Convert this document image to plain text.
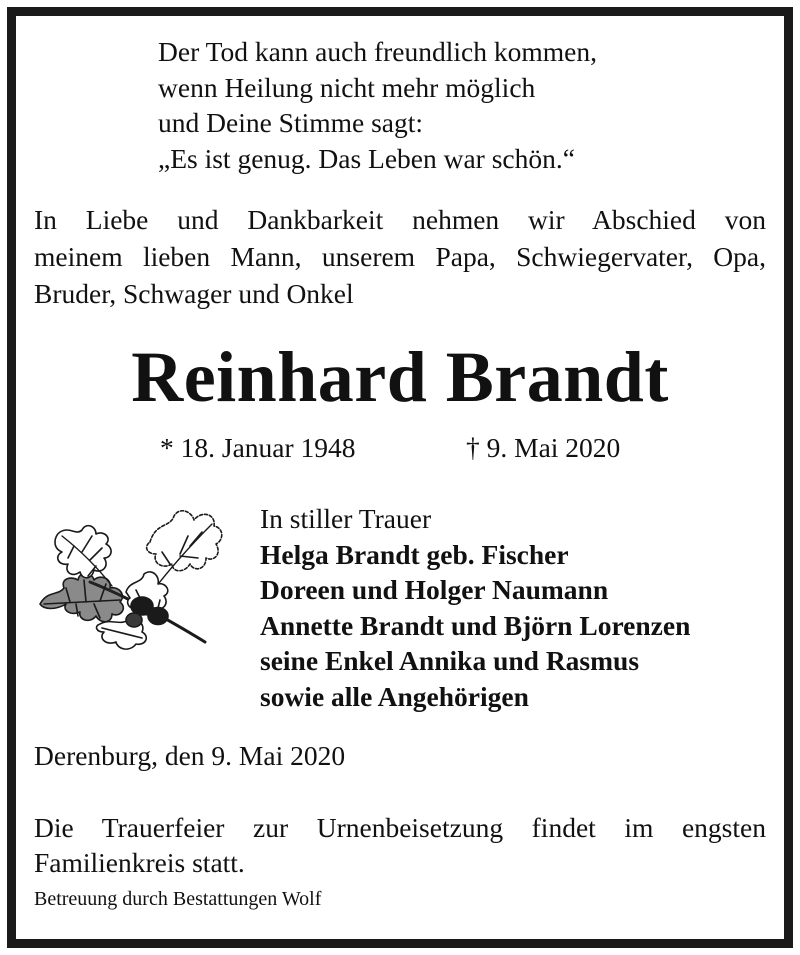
Der Tod kann auch freundlich kommen,
wenn Heilung nicht mehr möglich
und Deine Stimme sagt:
„Es ist genug. Das Leben war schön.“
In Liebe und Dankbarkeit nehmen wir Abschied von
meinem lieben Mann, unserem Papa, Schwiegervater, Opa,
Bruder, Schwager und Onkel
Reinhard Brandt
* 18. Januar 1948	† 9. Mai 2020
In stiller Trauer
Helga Brandt geb. Fischer
Doreen und Holger Naumann
Annette Brandt und Björn Lorenzen
seine Enkel Annika und Rasmus
sowie alle Angehörigen
Derenburg, den 9. Mai 2020
Die Trauerfeier zur Urnenbeisetzung findet im engsten
Familienkreis statt.
Betreuung durch Bestattungen Wolf
